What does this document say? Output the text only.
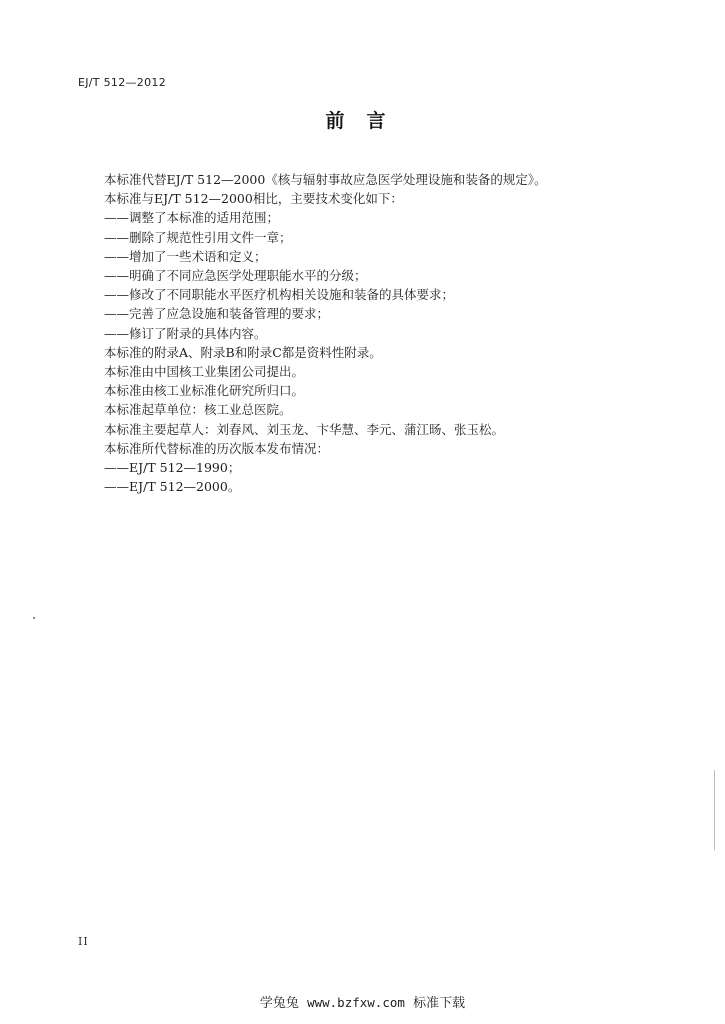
EJ/T 512—2012
前言
本标准代替EJ/T 512—2000《核与辐射事故应急医学处理设施和装备的规定》。
本标准与EJ/T 512—2000相比，主要技术变化如下：
——调整了本标准的适用范围；
——删除了规范性引用文件一章；
——增加了一些术语和定义；
——明确了不同应急医学处理职能水平的分级；
——修改了不同职能水平医疗机构相关设施和装备的具体要求；
——完善了应急设施和装备管理的要求；
——修订了附录的具体内容。
本标准的附录A、附录B和附录C都是资料性附录。
本标准由中国核工业集团公司提出。
本标准由核工业标准化研究所归口。
本标准起草单位：核工业总医院。
本标准主要起草人：刘春风、刘玉龙、卞华慧、李元、蒲江旸、张玉松。
本标准所代替标准的历次版本发布情况：
——EJ/T 512—1990；
——EJ/T 512—2000。
II
学兔兔 www.bzfxw.com 标准下载
